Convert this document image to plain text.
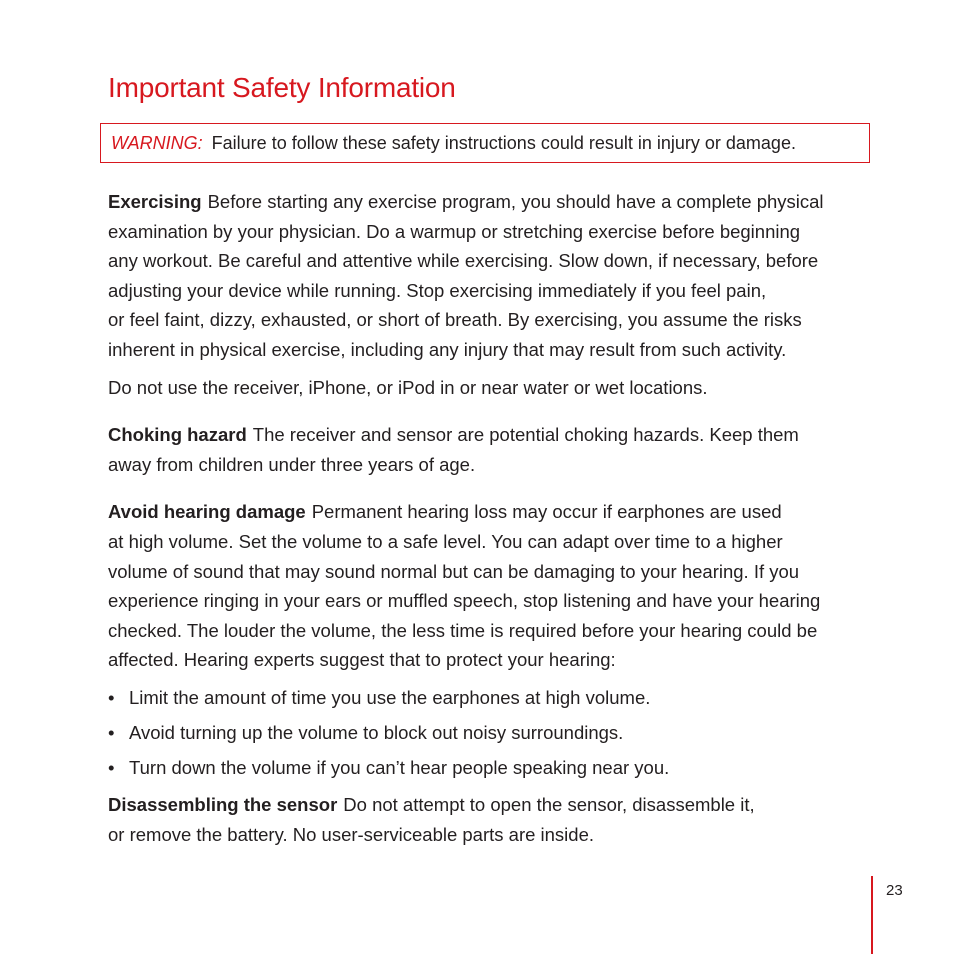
Important Safety Information
WARNING: Failure to follow these safety instructions could result in injury or damage.

Exercising Before starting any exercise program, you should have a complete physical
examination by your physician. Do a warmup or stretching exercise before beginning
any workout. Be careful and attentive while exercising. Slow down, if necessary, before
adjusting your device while running. Stop exercising immediately if you feel pain,
or feel faint, dizzy, exhausted, or short of breath. By exercising, you assume the risks
inherent in physical exercise, including any injury that may result from such activity.

Do not use the receiver, iPhone, or iPod in or near water or wet locations.

Choking hazard The receiver and sensor are potential choking hazards. Keep them
away from children under three years of age.

Avoid hearing damage Permanent hearing loss may occur if earphones are used
at high volume. Set the volume to a safe level. You can adapt over time to a higher
volume of sound that may sound normal but can be damaging to your hearing. If you
experience ringing in your ears or muffled speech, stop listening and have your hearing
checked. The louder the volume, the less time is required before your hearing could be
affected. Hearing experts suggest that to protect your hearing:

• Limit the amount of time you use the earphones at high volume.
• Avoid turning up the volume to block out noisy surroundings.
• Turn down the volume if you can’t hear people speaking near you.

Disassembling the sensor Do not attempt to open the sensor, disassemble it,
or remove the battery. No user-serviceable parts are inside.

23
